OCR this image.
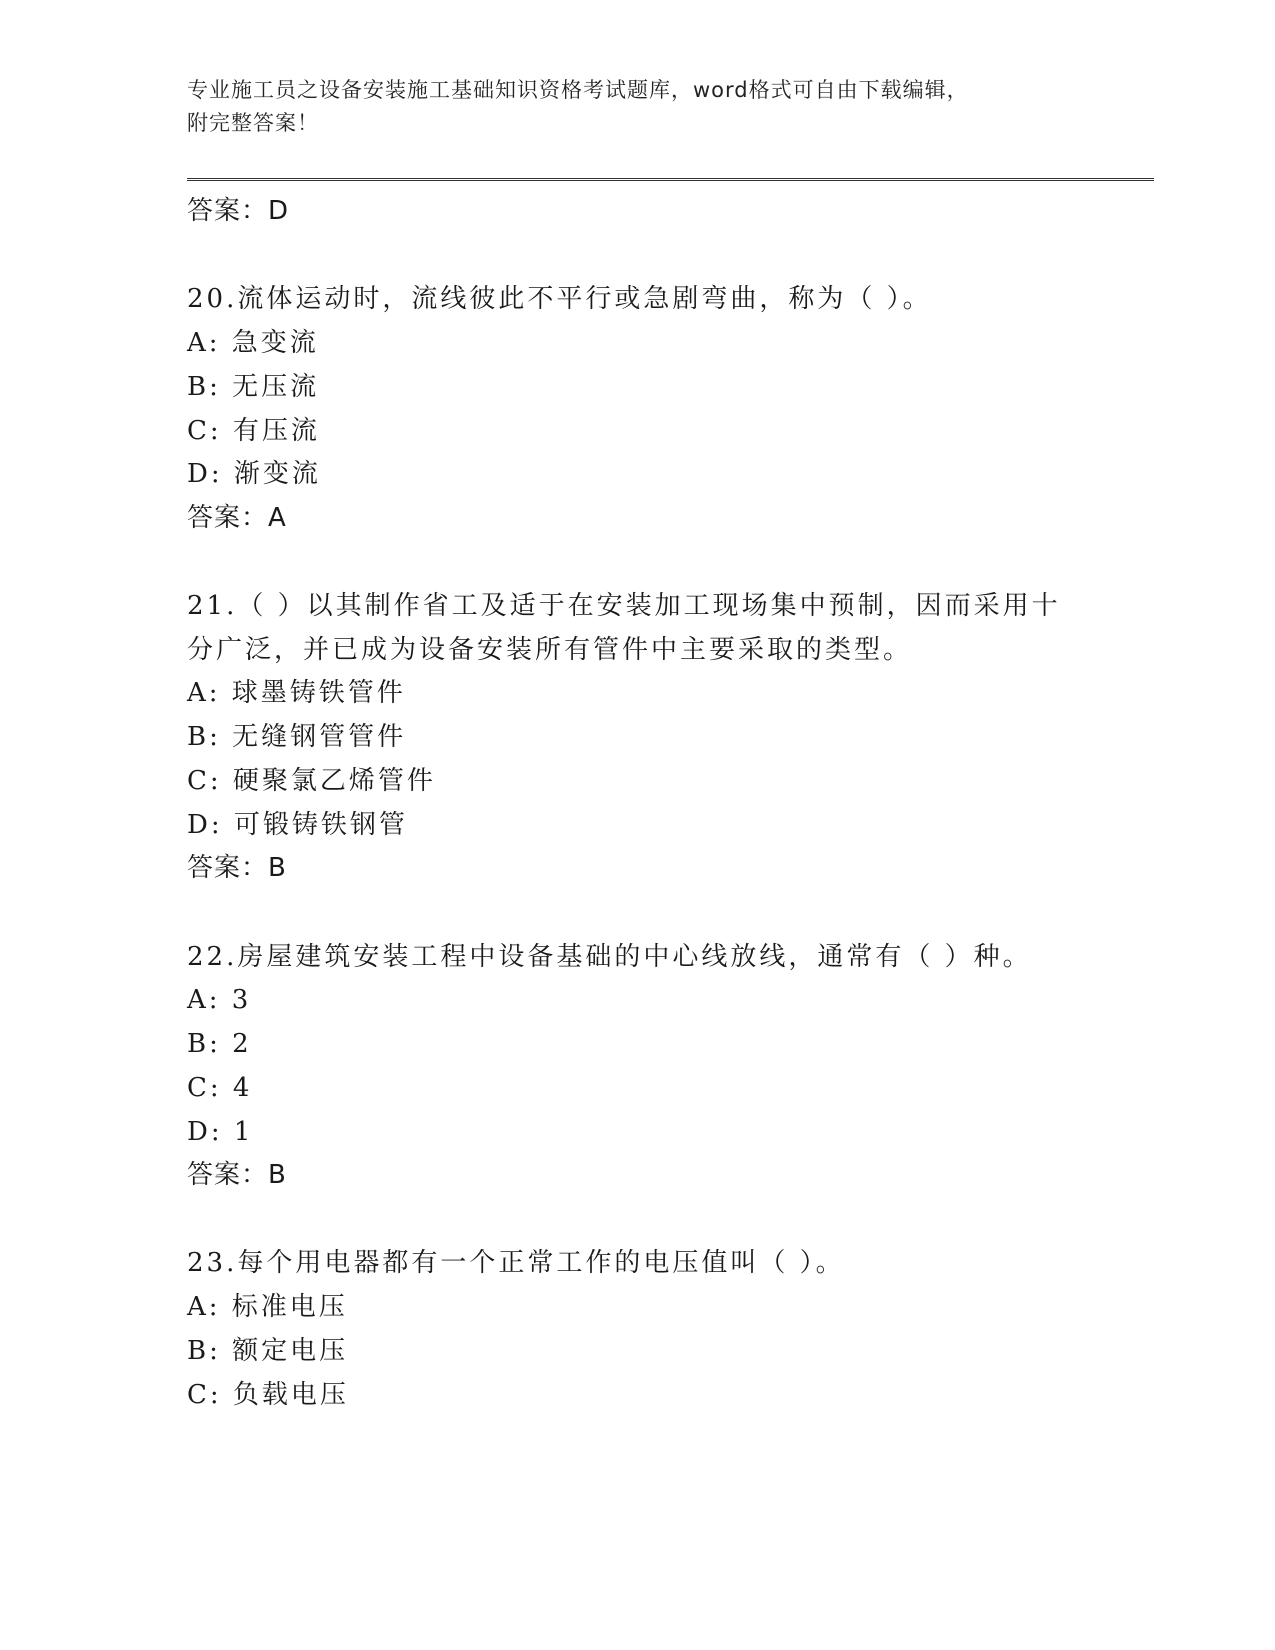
专业施工员之设备安装施工基础知识资格考试题库，word格式可自由下载编辑，
附完整答案！
答案：D
20.流体运动时，流线彼此不平行或急剧弯曲，称为（ ）。
A: 急变流
B: 无压流
C: 有压流
D: 渐变流
答案：A
21.（ ）以其制作省工及适于在安装加工现场集中预制，因而采用十
分广泛，并已成为设备安装所有管件中主要采取的类型。
A: 球墨铸铁管件
B: 无缝钢管管件
C: 硬聚氯乙烯管件
D: 可锻铸铁钢管
答案：B
22.房屋建筑安装工程中设备基础的中心线放线，通常有（ ）种。
A: 3
B: 2
C: 4
D: 1
答案：B
23.每个用电器都有一个正常工作的电压值叫（ ）。
A: 标准电压
B: 额定电压
C: 负载电压
